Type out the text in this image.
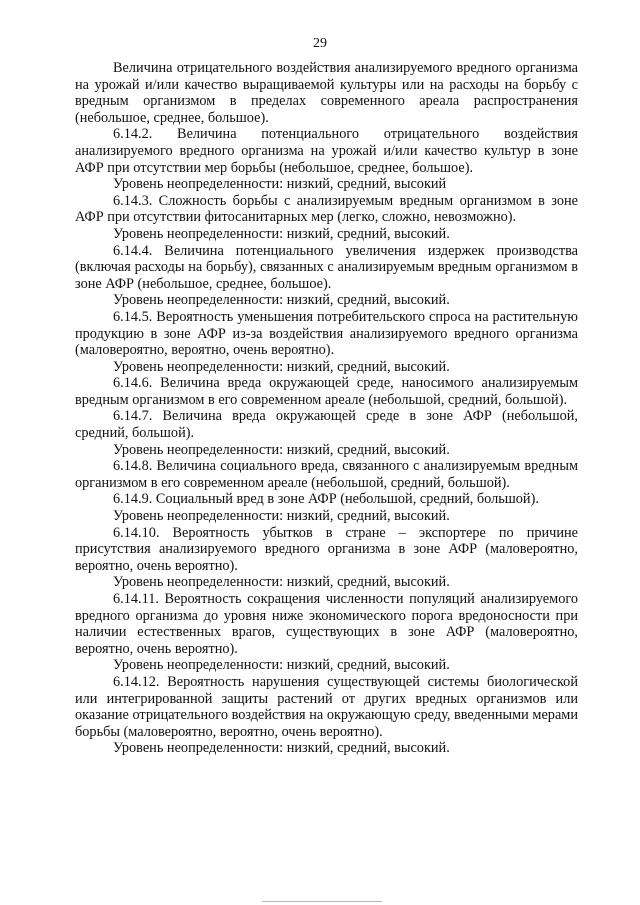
29

Величина отрицательного воздействия анализируемого вредного организма на урожай и/или качество выращиваемой культуры или на расходы на борьбу с вредным организмом в пределах современного ареала распространения (небольшое, среднее, большое).

6.14.2. Величина потенциального отрицательного воздействия анализируемого вредного организма на урожай и/или качество культур в зоне АФР при отсутствии мер борьбы (небольшое, среднее, большое).

Уровень неопределенности: низкий, средний, высокий

6.14.3. Сложность борьбы с анализируемым вредным организмом в зоне АФР при отсутствии фитосанитарных мер (легко, сложно, невозможно).

Уровень неопределенности: низкий, средний, высокий.

6.14.4. Величина потенциального увеличения издержек производства (включая расходы на борьбу), связанных с анализируемым вредным организмом в зоне АФР (небольшое, среднее, большое).

Уровень неопределенности: низкий, средний, высокий.

6.14.5. Вероятность уменьшения потребительского спроса на растительную продукцию в зоне АФР из-за воздействия анализируемого вредного организма (маловероятно, вероятно, очень вероятно).

Уровень неопределенности: низкий, средний, высокий.

6.14.6. Величина вреда окружающей среде, наносимого анализируемым вредным организмом в его современном ареале (небольшой, средний, большой).

6.14.7. Величина вреда окружающей среде в зоне АФР (небольшой, средний, большой).

Уровень неопределенности: низкий, средний, высокий.

6.14.8. Величина социального вреда, связанного с анализируемым вредным организмом в его современном ареале (небольшой, средний, большой).

6.14.9. Социальный вред в зоне АФР (небольшой, средний, большой).

Уровень неопределенности: низкий, средний, высокий.

6.14.10. Вероятность убытков в стране – экспортере по причине присутствия анализируемого вредного организма в зоне АФР (маловероятно, вероятно, очень вероятно).

Уровень неопределенности: низкий, средний, высокий.

6.14.11. Вероятность сокращения численности популяций анализируемого вредного организма до уровня ниже экономического порога вредоносности при наличии естественных врагов, существующих в зоне АФР (маловероятно, вероятно, очень вероятно).

Уровень неопределенности: низкий, средний, высокий.

6.14.12. Вероятность нарушения существующей системы биологической или интегрированной защиты растений от других вредных организмов или оказание отрицательного воздействия на окружающую среду, введенными мерами борьбы (маловероятно, вероятно, очень вероятно).

Уровень неопределенности: низкий, средний, высокий.
